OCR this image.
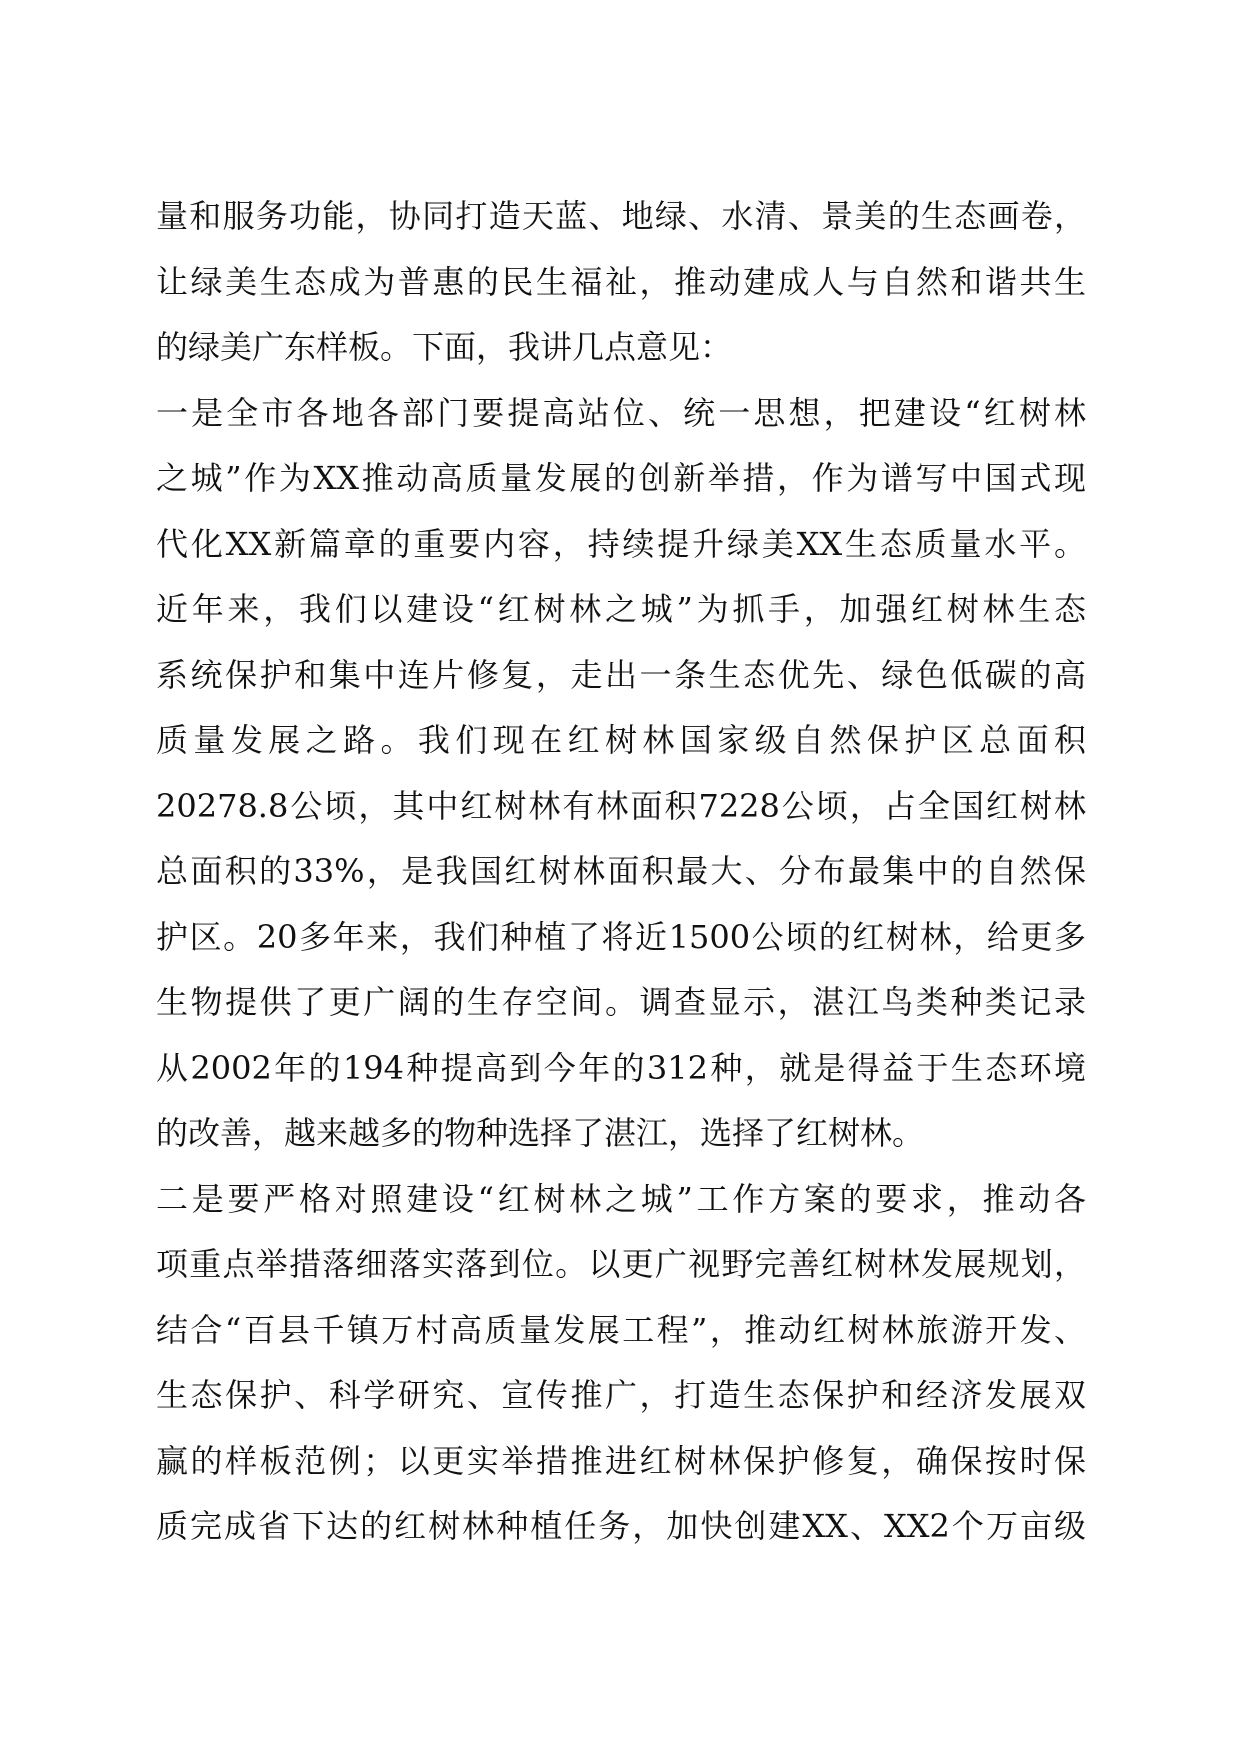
量和服务功能，协同打造天蓝、地绿、水清、景美的生态画卷，
让绿美生态成为普惠的民生福祉，推动建成人与自然和谐共生
的绿美广东样板。下面，我讲几点意见：
一是全市各地各部门要提高站位、统一思想，把建设“红树林
之城”作为XX推动高质量发展的创新举措，作为谱写中国式现
代化XX新篇章的重要内容，持续提升绿美XX生态质量水平。
近年来，我们以建设“红树林之城”为抓手，加强红树林生态
系统保护和集中连片修复，走出一条生态优先、绿色低碳的高
质量发展之路。我们现在红树林国家级自然保护区总面积
20278.8公顷，其中红树林有林面积7228公顷，占全国红树林
总面积的33%，是我国红树林面积最大、分布最集中的自然保
护区。20多年来，我们种植了将近1500公顷的红树林，给更多
生物提供了更广阔的生存空间。调查显示，湛江鸟类种类记录
从2002年的194种提高到今年的312种，就是得益于生态环境
的改善，越来越多的物种选择了湛江，选择了红树林。
二是要严格对照建设“红树林之城”工作方案的要求，推动各
项重点举措落细落实落到位。以更广视野完善红树林发展规划，
结合“百县千镇万村高质量发展工程”，推动红树林旅游开发、
生态保护、科学研究、宣传推广，打造生态保护和经济发展双
赢的样板范例；以更实举措推进红树林保护修复，确保按时保
质完成省下达的红树林种植任务，加快创建XX、XX2个万亩级
